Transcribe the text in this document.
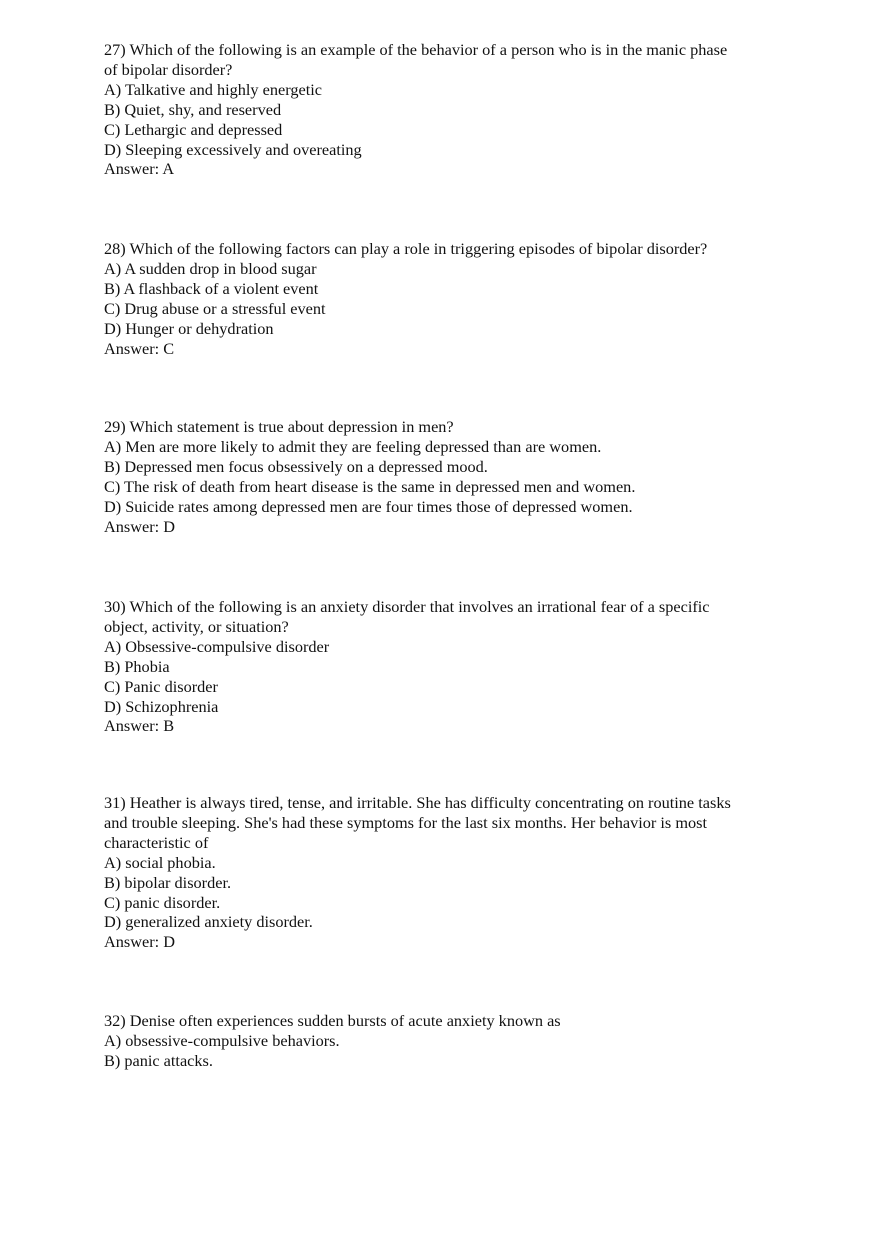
27) Which of the following is an example of the behavior of a person who is in the manic phase
of bipolar disorder?
A) Talkative and highly energetic
B) Quiet, shy, and reserved
C) Lethargic and depressed
D) Sleeping excessively and overeating
Answer: A
28) Which of the following factors can play a role in triggering episodes of bipolar disorder?
A) A sudden drop in blood sugar
B) A flashback of a violent event
C) Drug abuse or a stressful event
D) Hunger or dehydration
Answer: C
29) Which statement is true about depression in men?
A) Men are more likely to admit they are feeling depressed than are women.
B) Depressed men focus obsessively on a depressed mood.
C) The risk of death from heart disease is the same in depressed men and women.
D) Suicide rates among depressed men are four times those of depressed women.
Answer: D
30) Which of the following is an anxiety disorder that involves an irrational fear of a specific
object, activity, or situation?
A) Obsessive-compulsive disorder
B) Phobia
C) Panic disorder
D) Schizophrenia
Answer: B
31) Heather is always tired, tense, and irritable. She has difficulty concentrating on routine tasks
and trouble sleeping. She's had these symptoms for the last six months. Her behavior is most
characteristic of
A) social phobia.
B) bipolar disorder.
C) panic disorder.
D) generalized anxiety disorder.
Answer: D
32) Denise often experiences sudden bursts of acute anxiety known as
A) obsessive-compulsive behaviors.
B) panic attacks.
